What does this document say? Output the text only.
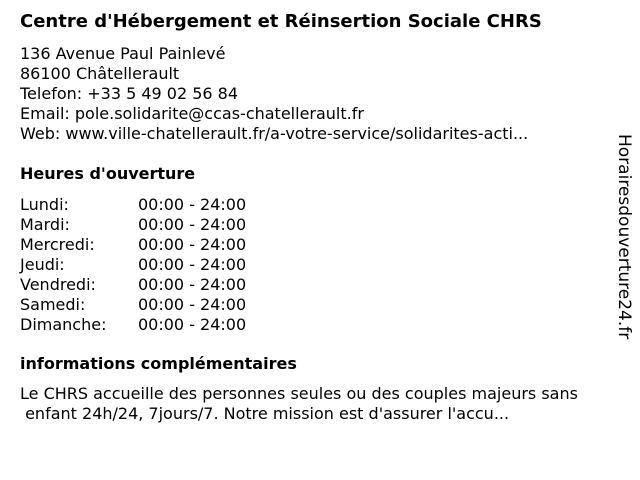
Centre d'Hébergement et Réinsertion Sociale CHRS
136 Avenue Paul Painlevé
86100 Châtellerault
Telefon: +33 5 49 02 56 84
Email: pole.solidarite@ccas-chatellerault.fr
Web: www.ville-chatellerault.fr/a-votre-service/solidarites-acti...
Heures d'ouverture
Lundi:	00:00 - 24:00
Mardi:	00:00 - 24:00
Mercredi:	00:00 - 24:00
Jeudi:	00:00 - 24:00
Vendredi:	00:00 - 24:00
Samedi:	00:00 - 24:00
Dimanche:	00:00 - 24:00
informations complémentaires
Le CHRS accueille des personnes seules ou des couples majeurs sans
enfant 24h/24, 7jours/7. Notre mission est d'assurer l'accu...
Horairesdouverture24.fr
